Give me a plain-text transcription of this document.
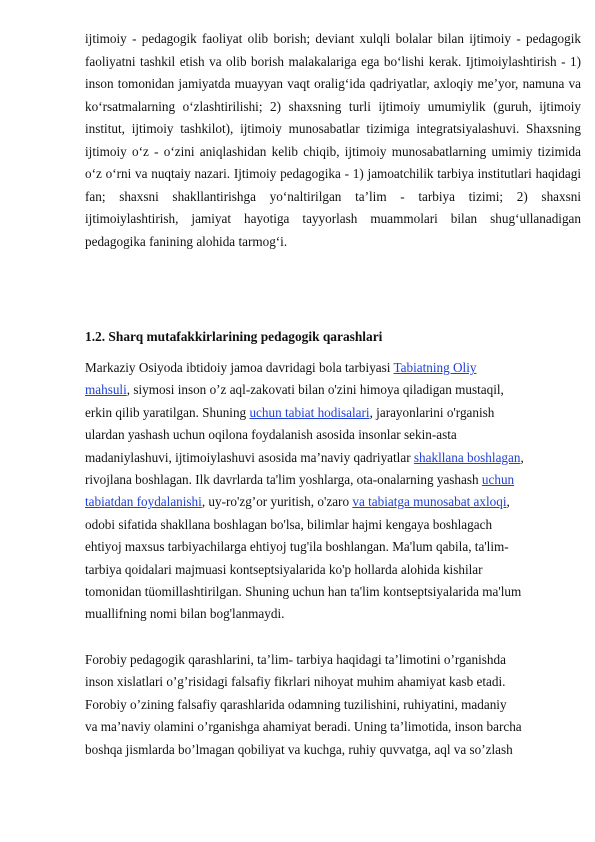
ijtimoiy - pedagogik faoliyat olib borish; deviant xulqli bolalar bilan ijtimoiy - pedagogik faoliyatni tashkil etish va olib borish malakalariga ega bo‘lishi kerak. Ijtimoiylashtirish - 1) inson tomonidan jamiyatda muayyan vaqt oralig‘ida qadriyatlar, axloqiy me’yor, namuna va ko‘rsatmalarning o‘zlashtirilishi; 2) shaxsning turli ijtimoiy umumiylik (guruh, ijtimoiy institut, ijtimoiy tashkilot), ijtimoiy munosabatlar tizimiga integratsiyalashuvi. Shaxsning ijtimoiy o‘z - o‘zini aniqlashidan kelib chiqib, ijtimoiy munosabatlarning umimiy tizimida o‘z o‘rni va nuqtaiy nazari. Ijtimoiy pedagogika - 1) jamoatchilik tarbiya institutlari haqidagi fan; shaxsni shakllantirishga yo‘naltirilgan ta’lim - tarbiya tizimi; 2) shaxsni ijtimoiylashtirish, jamiyat hayotiga tayyorlash muammolari bilan shug‘ullanadigan pedagogika fanining alohida tarmog‘i.
1.2. Sharq mutafakkirlarining pedagogik qarashlari
Markaziy Osiyoda ibtidoiy jamoa davridagi bola tarbiyasi Tabiatning Oliy
mahsuli, siymosi inson o’z aql-zakovati bilan o'zini himoya qiladigan mustaqil,
erkin qilib yaratilgan. Shuning uchun tabiat hodisalari, jarayonlarini o'rganish
ulardan yashash uchun oqilona foydalanish asosida insonlar sekin-asta
madaniylashuvi, ijtimoiylashuvi asosida ma’naviy qadriyatlar shakllana boshlagan,
rivojlana boshlagan. Ilk davrlarda ta'lim yoshlarga, ota-onalarning yashash uchun
tabiatdan foydalanishi, uy-ro'zg’or yuritish, o'zaro va tabiatga munosabat axloqi,
odobi sifatida shakllana boshlagan bo'lsa, bilimlar hajmi kengaya boshlagach
ehtiyoj maxsus tarbiyachilarga ehtiyoj tug'ila boshlangan. Ma'lum qabila, ta'lim-
tarbiya qoidalari majmuasi kontseptsiyalarida ko'p hollarda alohida kishilar
tomonidan tüomillashtirilgan. Shuning uchun han ta'lim kontseptsiyalarida ma'lum
muallifning nomi bilan bog'lanmaydi.
Forobiy pedagogik qarashlarini, ta’lim- tarbiya haqidagi ta’limotini o’rganishda
inson xislatlari o’g’risidagi falsafiy fikrlari nihoyat muhim ahamiyat kasb etadi.
Forobiy o’zining falsafiy qarashlarida odamning tuzilishini, ruhiyatini, madaniy
va ma’naviy olamini o’rganishga ahamiyat beradi. Uning ta’limotida, inson barcha
boshqa jismlarda bo’lmagan qobiliyat va kuchga, ruhiy quvvatga, aql va so’zlash
